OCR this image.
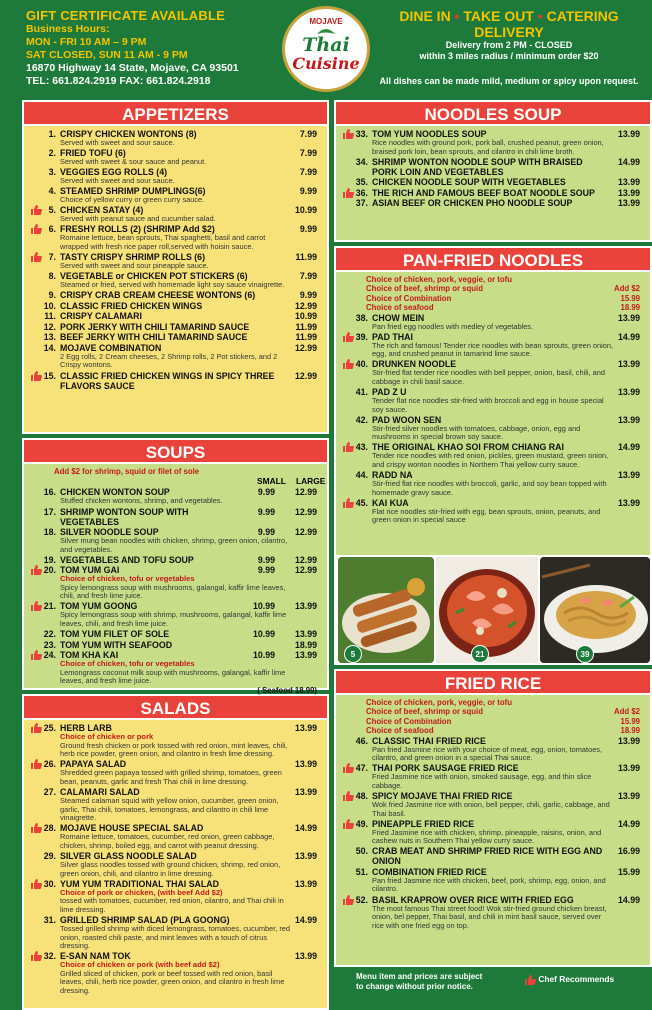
GIFT CERTIFICATE AVAILABLE
Business Hours:
MON - FRI 10 AM – 9 PM
SAT CLOSED, SUN 11 AM - 9 PM
16870 Highway 14 State, Mojave, CA 93501
TEL: 661.824.2919 FAX: 661.824.2918
MOJAVE
Thai
Cuisine
DINE IN • TAKE OUT • CATERING
DELIVERY
Delivery from 2 PM - CLOSED
within 3 miles radius / minimum order $20
All dishes can be made mild, medium or spicy upon request.
APPETIZERS
1. CRISPY CHICKEN WONTONS (8)	7.99
Served with sweet and sour sauce.
2. FRIED TOFU (6)	7.99
Served with sweet & sour sauce and peanut.
3. VEGGIES EGG ROLLS (4)	7.99
Served with sweet and sour sauce.
4. STEAMED SHRIMP DUMPLINGS(6)	9.99
Choice of yellow curry or green curry sauce.
5. CHICKEN SATAY (4)	10.99
Served with peanut sauce and cucumber salad.
6. FRESHY ROLLS (2) (SHRIMP Add $2)	9.99
Romaine lettuce, bean sprouts, Thai spaghetti, basil and carrot wrapped with fresh rice paper roll,served with hoisin sauce.
7. TASTY CRISPY SHRIMP ROLLS (6)	11.99
Served with sweet and sour pineapple sauce.
8. VEGETABLE or CHICKEN POT STICKERS (6)	7.99
Steamed or fried, served with homemade light soy sauce vinaigrette.
9. CRISPY CRAB CREAM CHEESE WONTONS (6)	9.99
10. CLASSIC FRIED CHICKEN WINGS	12.99
11. CRISPY CALAMARI	10.99
12. PORK JERKY WITH CHILI TAMARIND SAUCE	11.99
13. BEEF JERKY WITH CHILI TAMARIND SAUCE	11.99
14. MOJAVE COMBINATION	12.99
2 Egg rolls, 2 Cream cheeses, 2 Shrimp rolls, 2 Pot stickers, and 2 Crispy wontons.
15. CLASSIC FRIED CHICKEN WINGS IN SPICY THREE FLAVORS SAUCE
12.99
SOUPS
Add $2 for shrimp, squid or filet of sole
SMALL LARGE
16. CHICKEN WONTON SOUP	9.99 12.99
Stuffed chicken wontons, shrimp, and vegetables.
17. SHRIMP WONTON SOUP WITH VEGETABLES
9.99 12.99
18. SILVER NOODLE SOUP	9.99 12.99
Silver mung bean noodles with chicken, shrimp, green onion, cilantro, and vegetables.
19. VEGETABLES AND TOFU SOUP	9.99 12.99
20. TOM YUM GAI	9.99 12.99
Choice of chicken, tofu or vegetables
Spicy lemongrass soup with mushrooms, galangal, kaffir lime leaves, chili, and fresh lime juice.
21. TOM YUM GOONG	10.99 13.99
Spicy lemongrass soup with shrimp, mushrooms, galangal, kaffir lime leaves, chili, and fresh lime juice.
22. TOM YUM FILET OF SOLE	10.99 13.99
23. TOM YUM WITH SEAFOOD	18.99
24. TOM KHA KAI	10.99 13.99
Choice of chicken, tofu or vegetables
Lemongrass coconut milk soup with mushrooms, galangal, kaffir lime leaves, and fresh lime juice.
( Seafood 18.99)
SALADS
25. HERB LARB	13.99
Choice of chicken or pork
Ground fresh chicken or pork tossed with red onion, mint leaves, chili, herb rice powder, green onion, and cilantro in fresh lime dressing.
26. PAPAYA SALAD	13.99
Shredded green papaya tossed with grilled shrimp, tomatoes, green bean, peanuts, garlic and fresh Thai chili in lime dressing.
27. CALAMARI SALAD	13.99
Steamed calamari squid with yellow onion, cucumber, green onion, garlic, Thai chili, tomatoes, lemongrass, and cilantro in chili lime vinaigrette.
28. MOJAVE HOUSE SPECIAL SALAD	14.99
Romaine lettuce, tomatoes, cucumber, red onion, green cabbage, chicken, shrimp, boiled egg, and carrot with peanut dressing.
29. SILVER GLASS NOODLE SALAD	13.99
Silver glass noodles tossed with ground chicken, shrimp, red onion, green onion, chili, and cilantro in lime dressing.
30. YUM YUM TRADITIONAL THAI SALAD	13.99
Choice of pork or chicken, (with beef Add $2)
tossed with tomatoes, cucumber, red onion, cilantro, and Thai chili in lime dressing.
31. GRILLED SHRIMP SALAD (PLA GOONG)	14.99
Tossed grilled shrimp with diced lemongrass, tomatoes, cucumber, red onion, roasted chili paste, and mint leaves with a touch of citrus dressing.
32. E-SAN NAM TOK	13.99
Choice of chicken or pork (with beef add $2)
Grilled sliced of chicken, pork or beef tossed with red onion, basil leaves, chili, herb rice powder, green onion, and cilantro in fresh lime dressing.
NOODLES SOUP
33. TOM YUM NOODLES SOUP	13.99
Rice noodles with ground pork, pork ball, crushed peanut, green onion, braised pork loin, bean sprouts, and cilantro in chili lime broth.
34. SHRIMP WONTON NOODLE SOUP WITH BRAISED PORK LOIN AND VEGETABLES
14.99
35. CHICKEN NOODLE SOUP WITH VEGETABLES	13.99
36. THE RICH AND FAMOUS BEEF BOAT NOODLE SOUP	13.99
37. ASIAN BEEF OR CHICKEN PHO NOODLE SOUP	13.99
PAN-FRIED NOODLES
Choice of chicken, pork, veggie, or tofu
Choice of beef, shrimp or squid	Add $2
Choice of Combination	15.99
Choice of seafood	18.99
38. CHOW MEIN	13.99
Pan fried egg noodles with medley of vegetables.
39. PAD THAI	14.99
The rich and famous! Tender rice noodles with bean sprouts, green onion, egg, and crushed peanut in tamarind lime sauce.
40. DRUNKEN NOODLE	13.99
Stir-fried flat tender rice noodles with bell pepper, onion, basil, chili, and cabbage in chili basil sauce.
41. PAD Z U	13.99
Tender flat rice noodles stir-fried with broccoli and egg in house special soy sauce.
42. PAD WOON SEN	13.99
Stir-fried silver noodles with tomatoes, cabbage, onion, egg and mushrooms in special brown soy sauce.
43. THE ORIGINAL KHAO SOI FROM CHIANG RAI	14.99
Tender rice noodles with red onion, pickles, green mustard, green onion, and crispy wonton noodles in Northern Thai yellow curry sauce.
44. RADD NA	13.99
Stir-fried flat rice noodles with broccoli, garlic, and soy bean topped with homemade gravy sauce.
45. KAI KUA	13.99
Flat rice noodles stir-fried with egg, bean sprouts, onion, peanuts, and green onion in special sauce
5	21	39
FRIED RICE
Choice of chicken, pork, veggie, or tofu
Choice of beef, shrimp or squid	Add $2
Choice of Combination	15.99
Choice of seafood	18.99
46. CLASSIC THAI FRIED RICE	13.99
Pan fried Jasmine rice with your choice of meat, egg, onion, tomatoes, cilantro, and green onion in a special Thai sauce.
47. THAI PORK SAUSAGE FRIED RICE	13.99
Fried Jasmine rice with onion, smoked sausage, egg, and thin slice cabbage.
48. SPICY MOJAVE THAI FRIED RICE	13.99
Wok fried Jasmine rice with onion, bell pepper, chili, garlic, cabbage, and Thai basil.
49. PINEAPPLE FRIED RICE	14.99
Fried Jasmine rice with chicken, shrimp, pineapple, raisins, onion, and cashew nuts in Southern Thai yellow curry sauce.
50. CRAB MEAT AND SHRIMP FRIED RICE WITH EGG AND ONION
16.99
51. COMBINATION FRIED RICE	15.99
Pan fried Jasmine rice with chicken, beef, pork, shrimp, egg, onion, and cilantro.
52. BASIL KRAPROW OVER RICE WITH FRIED EGG	14.99
The most famous Thai street food! Wok stir-fried ground chicken breast, onion, bel pepper, Thai basil, and chili in mint basil sauce, served over rice with one fried egg on top.
Menu item and prices are subject
to change without prior notice.
Chef Recommends
